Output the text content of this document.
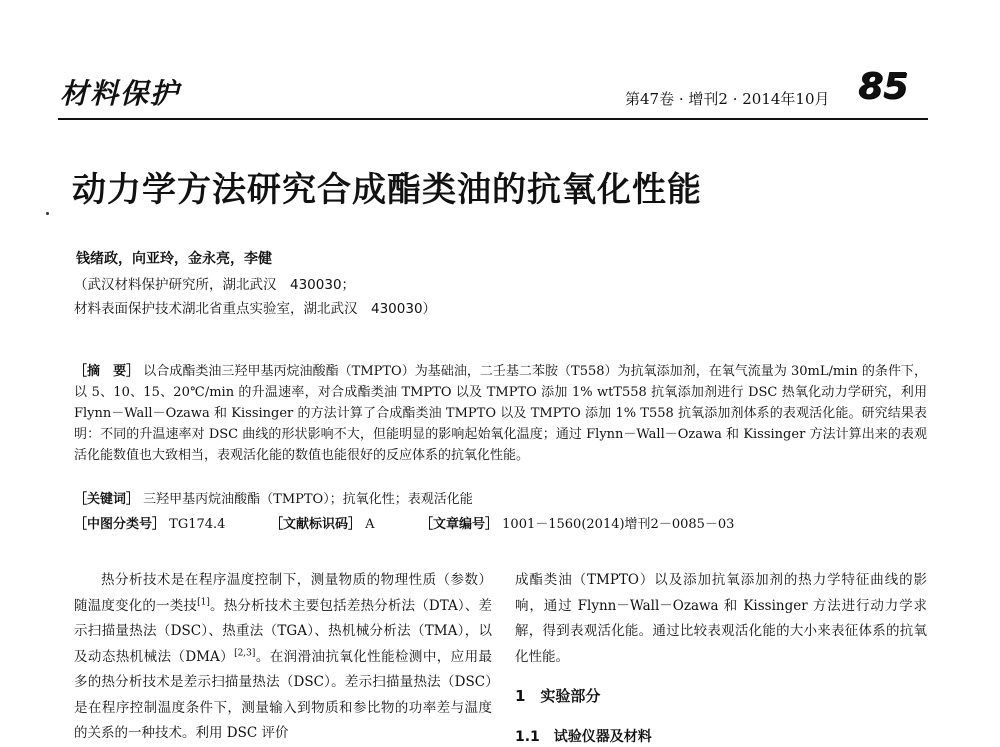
材料保护	第47卷 · 增刊2 · 2014年10月 85
动力学方法研究合成酯类油的抗氧化性能
钱绪政，向亚玲，金永亮，李健
（武汉材料保护研究所，湖北武汉　430030；
材料表面保护技术湖北省重点实验室，湖北武汉　430030）
［摘　要］ 以合成酯类油三羟甲基丙烷油酸酯（TMPTO）为基础油，二壬基二苯胺（T558）为抗氧添加剂，在氧气流量为 30mL/min 的条件下，以 5、10、15、20℃/min 的升温速率，对合成酯类油 TMPTO 以及 TMPTO 添加 1% wtT558 抗氧添加剂进行 DSC 热氧化动力学研究，利用 Flynn－Wall－Ozawa 和 Kissinger 的方法计算了合成酯类油 TMPTO 以及 TMPTO 添加 1% T558 抗氧添加剂体系的表观活化能。研究结果表明：不同的升温速率对 DSC 曲线的形状影响不大，但能明显的影响起始氧化温度；通过 Flynn－Wall－Ozawa 和 Kissinger 方法计算出来的表观活化能数值也大致相当，表观活化能的数值也能很好的反应体系的抗氧化性能。
［关键词］ 三羟甲基丙烷油酸酯（TMPTO）；抗氧化性；表观活化能
［中图分类号］ TG174.4	［文献标识码］ A	［文章编号］ 1001－1560(2014)增刊2－0085－03
热分析技术是在程序温度控制下，测量物质的物理性质（参数）随温度变化的一类技[1]。热分析技术主要包括差热分析法（DTA）、差示扫描量热法（DSC）、热重法（TGA）、热机械分析法（TMA），以及动态热机械法（DMA）[2,3]。在润滑油抗氧化性能检测中，应用最多的热分析技术是差示扫描量热法（DSC）。差示扫描量热法（DSC）是在程序控制温度条件下，测量输入到物质和参比物的功率差与温度的关系的一种技术。利用 DSC 评价
成酯类油（TMPTO）以及添加抗氧添加剂的热力学特征曲线的影响，通过 Flynn－Wall－Ozawa 和 Kissinger 方法进行动力学求解，得到表观活化能。通过比较表观活化能的大小来表征体系的抗氧化性能。
1　实验部分
1.1　试验仪器及材料
